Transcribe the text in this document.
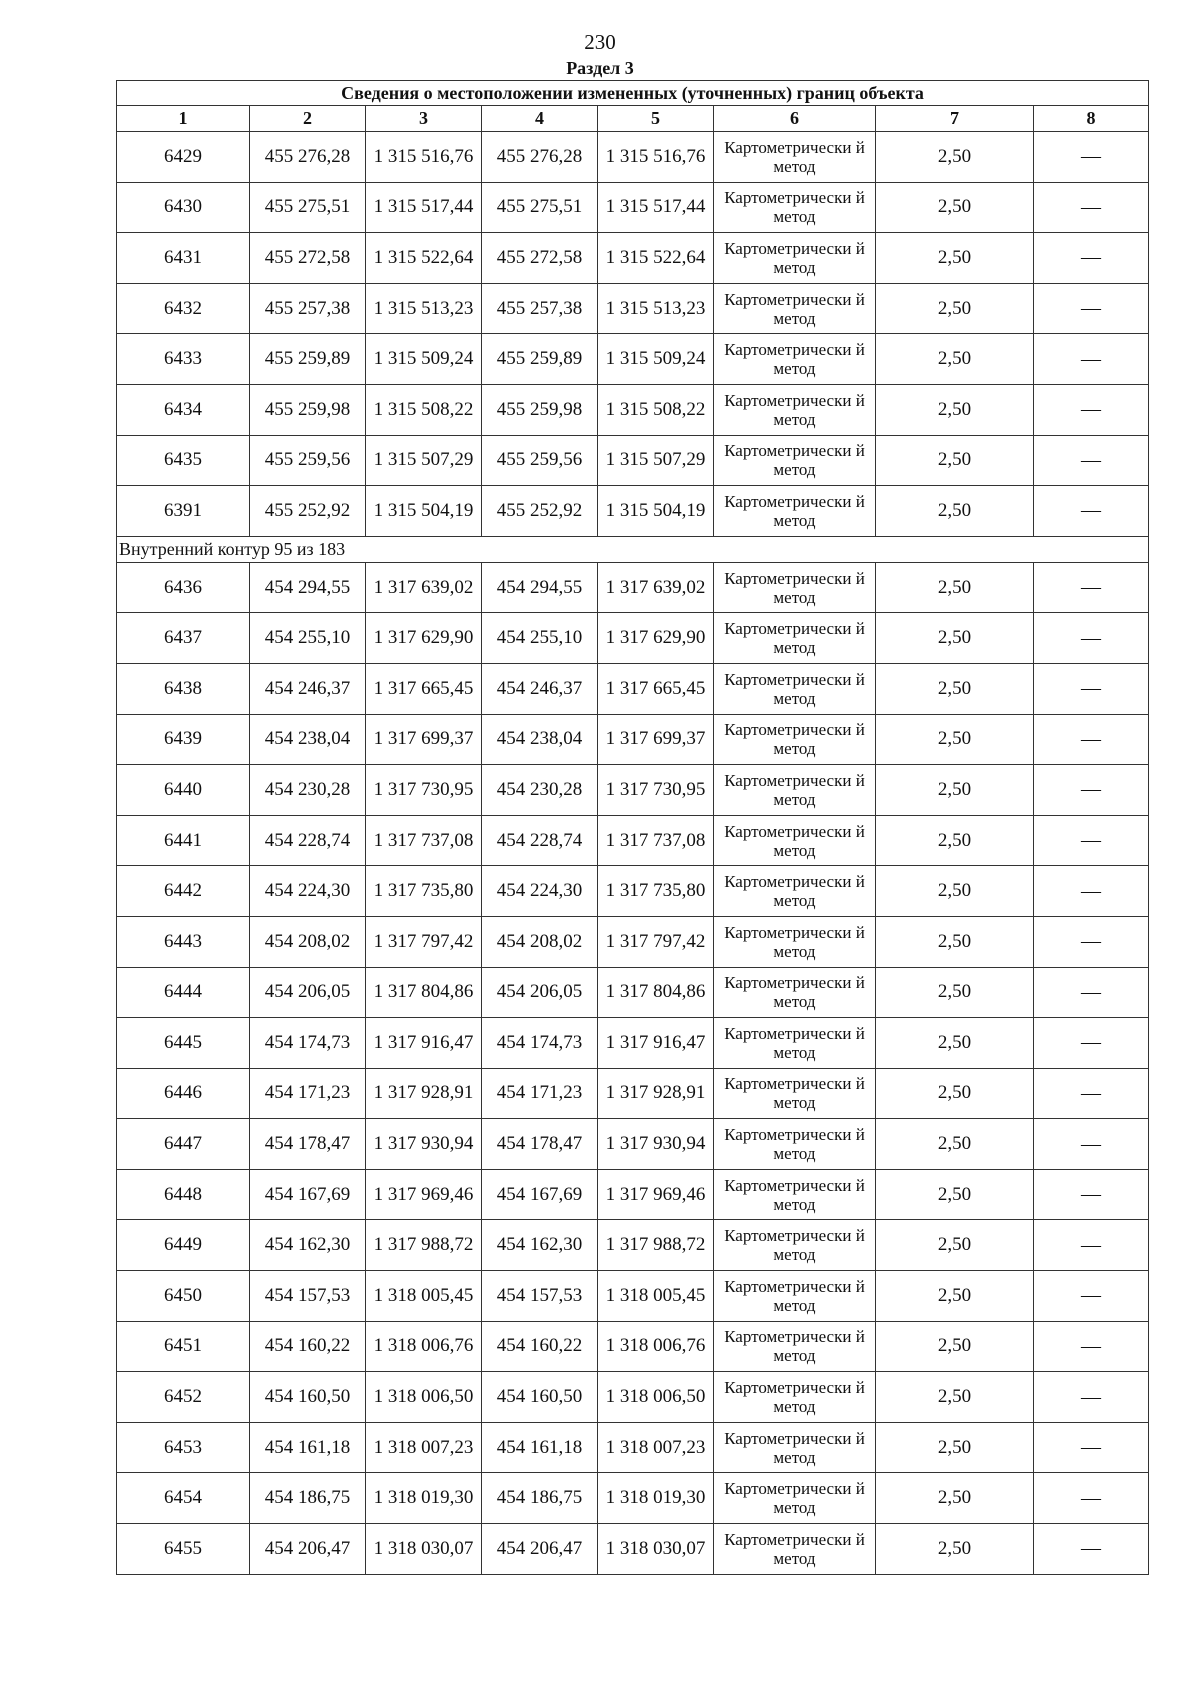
230
Раздел 3
Сведения о местоположении измененных (уточненных) границ объекта							
1	2	3	4	5	6	7	8
6429	455 276,28	1 315 516,76	455 276,28	1 315 516,76	Картометрически й метод	2,50	—
6430	455 275,51	1 315 517,44	455 275,51	1 315 517,44	Картометрически й метод	2,50	—
6431	455 272,58	1 315 522,64	455 272,58	1 315 522,64	Картометрически й метод	2,50	—
6432	455 257,38	1 315 513,23	455 257,38	1 315 513,23	Картометрически й метод	2,50	—
6433	455 259,89	1 315 509,24	455 259,89	1 315 509,24	Картометрически й метод	2,50	—
6434	455 259,98	1 315 508,22	455 259,98	1 315 508,22	Картометрически й метод	2,50	—
6435	455 259,56	1 315 507,29	455 259,56	1 315 507,29	Картометрически й метод	2,50	—
6391	455 252,92	1 315 504,19	455 252,92	1 315 504,19	Картометрически й метод	2,50	—
Внутренний контур 95 из 183							
6436	454 294,55	1 317 639,02	454 294,55	1 317 639,02	Картометрически й метод	2,50	—
6437	454 255,10	1 317 629,90	454 255,10	1 317 629,90	Картометрически й метод	2,50	—
6438	454 246,37	1 317 665,45	454 246,37	1 317 665,45	Картометрически й метод	2,50	—
6439	454 238,04	1 317 699,37	454 238,04	1 317 699,37	Картометрически й метод	2,50	—
6440	454 230,28	1 317 730,95	454 230,28	1 317 730,95	Картометрически й метод	2,50	—
6441	454 228,74	1 317 737,08	454 228,74	1 317 737,08	Картометрически й метод	2,50	—
6442	454 224,30	1 317 735,80	454 224,30	1 317 735,80	Картометрически й метод	2,50	—
6443	454 208,02	1 317 797,42	454 208,02	1 317 797,42	Картометрически й метод	2,50	—
6444	454 206,05	1 317 804,86	454 206,05	1 317 804,86	Картометрически й метод	2,50	—
6445	454 174,73	1 317 916,47	454 174,73	1 317 916,47	Картометрически й метод	2,50	—
6446	454 171,23	1 317 928,91	454 171,23	1 317 928,91	Картометрически й метод	2,50	—
6447	454 178,47	1 317 930,94	454 178,47	1 317 930,94	Картометрически й метод	2,50	—
6448	454 167,69	1 317 969,46	454 167,69	1 317 969,46	Картометрически й метод	2,50	—
6449	454 162,30	1 317 988,72	454 162,30	1 317 988,72	Картометрически й метод	2,50	—
6450	454 157,53	1 318 005,45	454 157,53	1 318 005,45	Картометрически й метод	2,50	—
6451	454 160,22	1 318 006,76	454 160,22	1 318 006,76	Картометрически й метод	2,50	—
6452	454 160,50	1 318 006,50	454 160,50	1 318 006,50	Картометрически й метод	2,50	—
6453	454 161,18	1 318 007,23	454 161,18	1 318 007,23	Картометрически й метод	2,50	—
6454	454 186,75	1 318 019,30	454 186,75	1 318 019,30	Картометрически й метод	2,50	—
6455	454 206,47	1 318 030,07	454 206,47	1 318 030,07	Картометрически й метод	2,50	—
